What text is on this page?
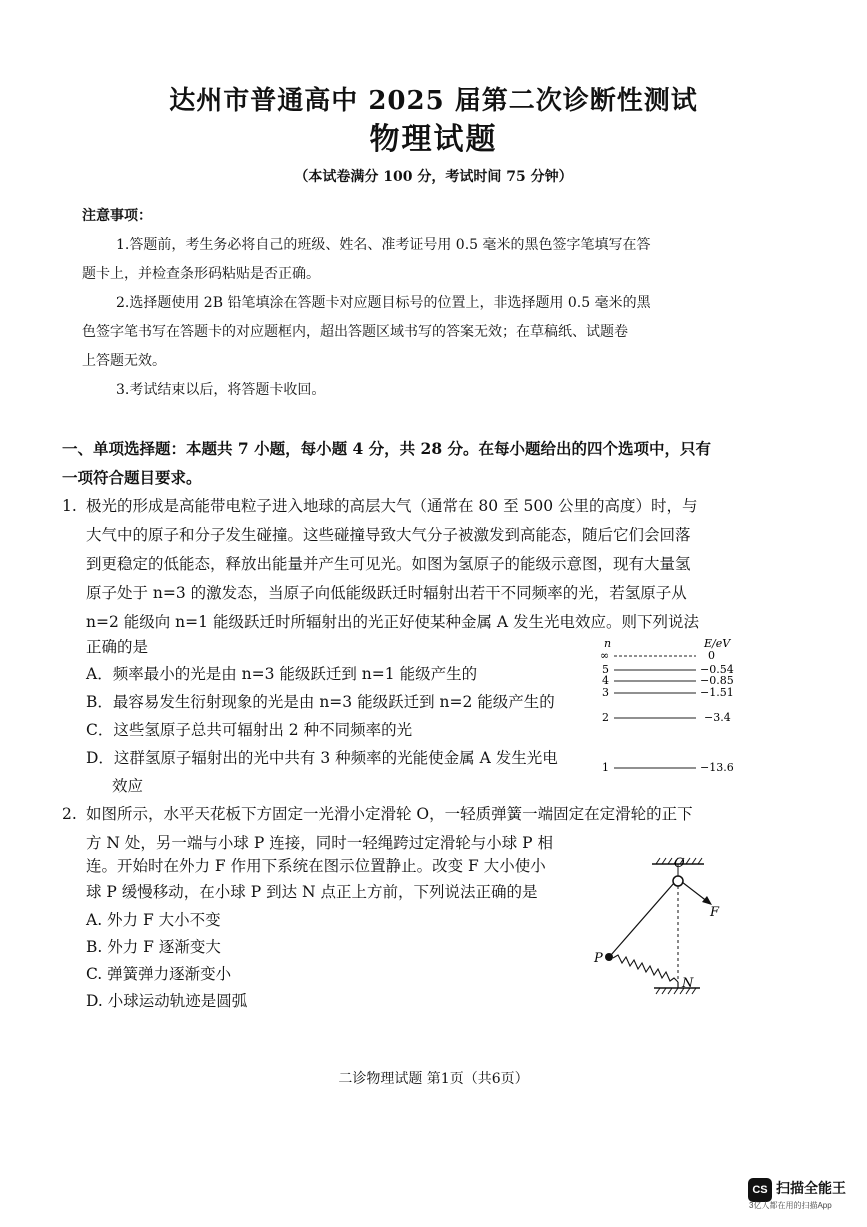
达州市普通高中 2025 届第二次诊断性测试
物理试题
（本试卷满分 100 分，考试时间 75 分钟）
注意事项：
1.答题前，考生务必将自己的班级、姓名、准考证号用 0.5 毫米的黑色签字笔填写在答
题卡上，并检查条形码粘贴是否正确。
2.选择题使用 2B 铅笔填涂在答题卡对应题目标号的位置上，非选择题用 0.5 毫米的黑
色签字笔书写在答题卡的对应题框内，超出答题区域书写的答案无效；在草稿纸、试题卷
上答题无效。
3.考试结束以后，将答题卡收回。
一、单项选择题：本题共 7 小题，每小题 4 分，共 28 分。在每小题给出的四个选项中，只有
一项符合题目要求。
1. 极光的形成是高能带电粒子进入地球的高层大气（通常在 80 至 500 公里的高度）时，与
大气中的原子和分子发生碰撞。这些碰撞导致大气分子被激发到高能态，随后它们会回落
到更稳定的低能态，释放出能量并产生可见光。如图为氢原子的能级示意图，现有大量氢
原子处于 n=3 的激发态，当原子向低能级跃迁时辐射出若干不同频率的光，若氢原子从
n=2 能级向 n=1 能级跃迁时所辐射出的光正好使某种金属 A 发生光电效应。则下列说法
正确的是
A．频率最小的光是由 n=3 能级跃迁到 n=1 能级产生的
B．最容易发生衍射现象的光是由 n=3 能级跃迁到 n=2 能级产生的
C．这些氢原子总共可辐射出 2 种不同频率的光
D．这群氢原子辐射出的光中共有 3 种频率的光能使金属 A 发生光电
效应
n	E/eV
∞	0
5	−0.54
4	−0.85
3	−1.51
2	−3.4
1	−13.6
2. 如图所示，水平天花板下方固定一光滑小定滑轮 O，一轻质弹簧一端固定在定滑轮的正下
方 N 处，另一端与小球 P 连接，同时一轻绳跨过定滑轮与小球 P 相
连。开始时在外力 F 作用下系统在图示位置静止。改变 F 大小使小
球 P 缓慢移动，在小球 P 到达 N 点正上方前，下列说法正确的是
A. 外力 F 大小不变
B. 外力 F 逐渐变大
C. 弹簧弹力逐渐变小
D. 小球运动轨迹是圆弧
O
F
P
N
二诊物理试题 第1页（共6页）
CS 扫描全能王
3亿人都在用的扫描App
